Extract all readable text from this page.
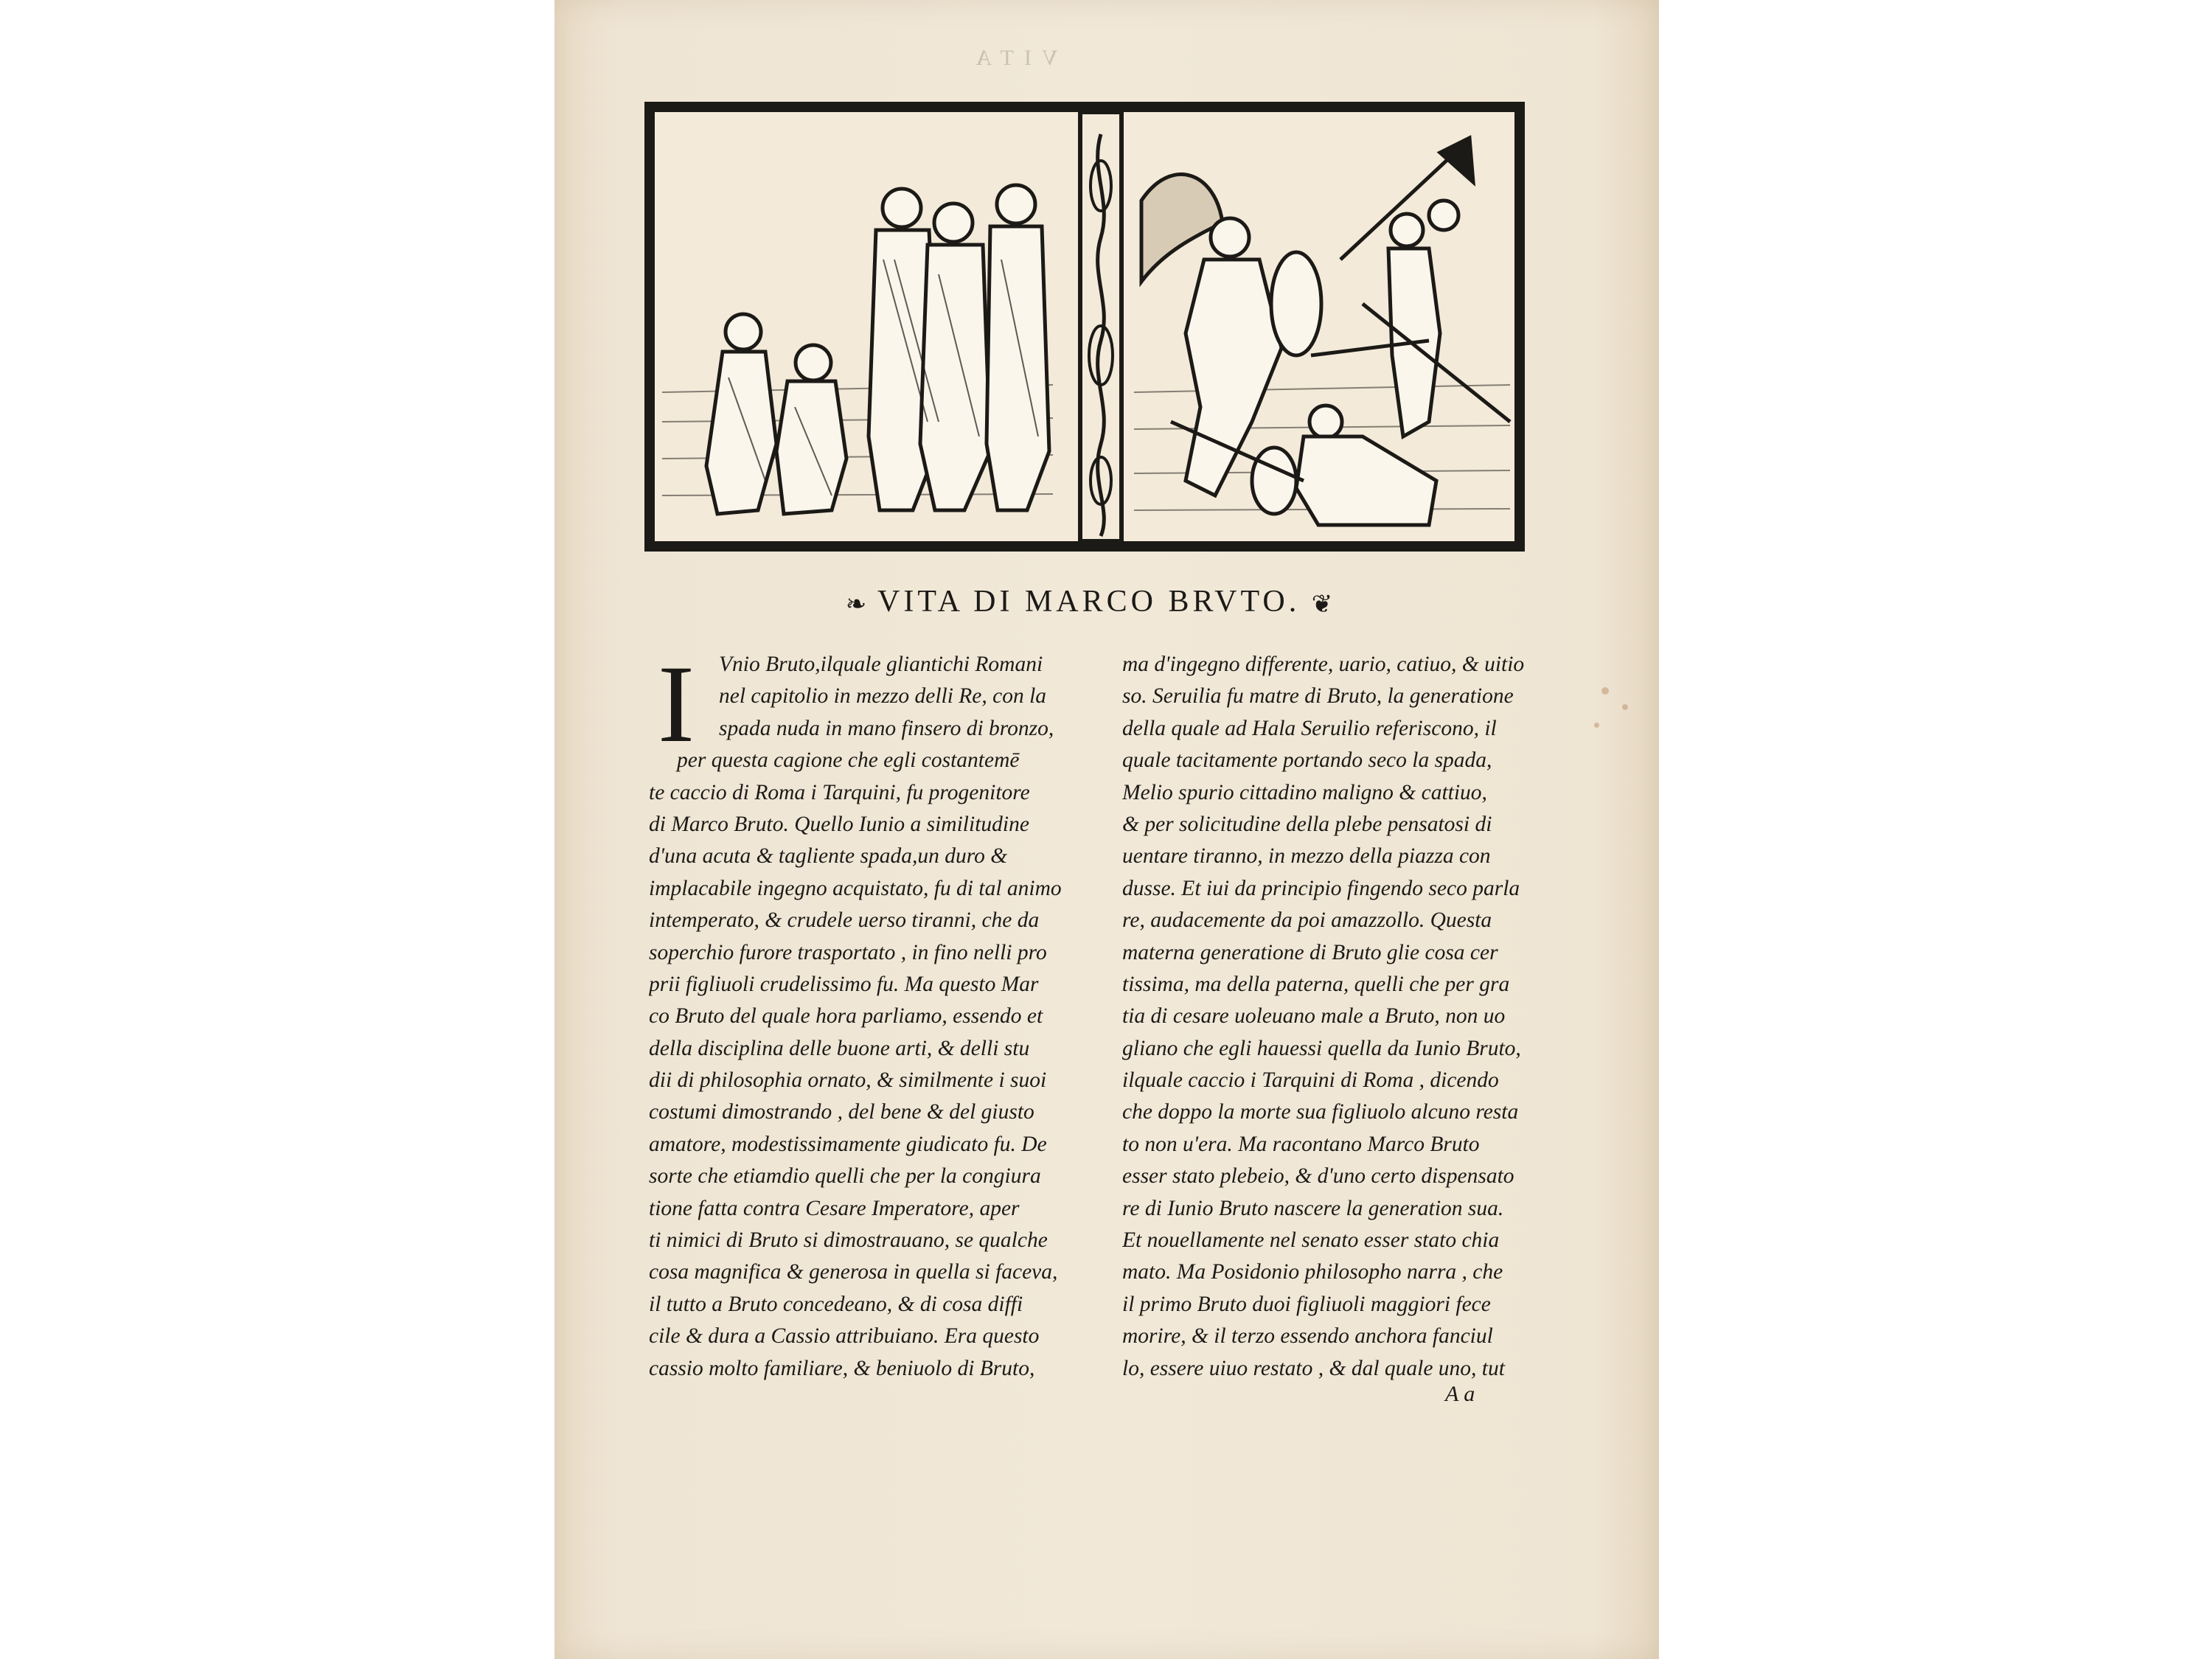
VITA
❧ VITA DI MARCO BRVTO. ❦
I	Vnio Bruto,ilquale gliantichi Romani
nel capitolio in mezzo delli Re, con la
spada nuda in mano finsero di bronzo,
per questa cagione che egli costantemē
te caccio di Roma i Tarquini, fu progenitore
di Marco Bruto. Quello Iunio a similitudine
d'una acuta & tagliente spada,un duro &
implacabile ingegno acquistato, fu di tal animo
intemperato, & crudele uerso tiranni, che da
soperchio furore trasportato , in fino nelli pro
prii figliuoli crudelissimo fu. Ma questo Mar
co Bruto del quale hora parliamo, essendo et
della disciplina delle buone arti, & delli stu
dii di philosophia ornato, & similmente i suoi
costumi dimostrando , del bene & del giusto
amatore, modestissimamente giudicato fu. De
sorte che etiamdio quelli che per la congiura
tione fatta contra Cesare Imperatore, aper
ti nimici di Bruto si dimostrauano, se qualche
cosa magnifica & generosa in quella si faceva,
il tutto a Bruto concedeano, & di cosa diffi
cile & dura a Cassio attribuiano. Era questo
cassio molto familiare, & beniuolo di Bruto,
ma d'ingegno differente, uario, catiuo, & uitio
so. Seruilia fu matre di Bruto, la generatione
della quale ad Hala Seruilio referiscono, il
quale tacitamente portando seco la spada,
Melio spurio cittadino maligno & cattiuo,
& per solicitudine della plebe pensatosi di
uentare tiranno, in mezzo della piazza con
dusse. Et iui da principio fingendo seco parla
re, audacemente da poi amazzollo. Questa
materna generatione di Bruto glie cosa cer
tissima, ma della paterna, quelli che per gra
tia di cesare uoleuano male a Bruto, non uo
gliano che egli hauessi quella da Iunio Bruto,
ilquale caccio i Tarquini di Roma , dicendo
che doppo la morte sua figliuolo alcuno resta
to non u'era. Ma racontano Marco Bruto
esser stato plebeio, & d'uno certo dispensato
re di Iunio Bruto nascere la generation sua.
Et nouellamente nel senato esser stato chia
mato. Ma Posidonio philosopho narra , che
il primo Bruto duoi figliuoli maggiori fece
morire, & il terzo essendo anchora fanciul
lo, essere uiuo restato , & dal quale uno, tut
A a
